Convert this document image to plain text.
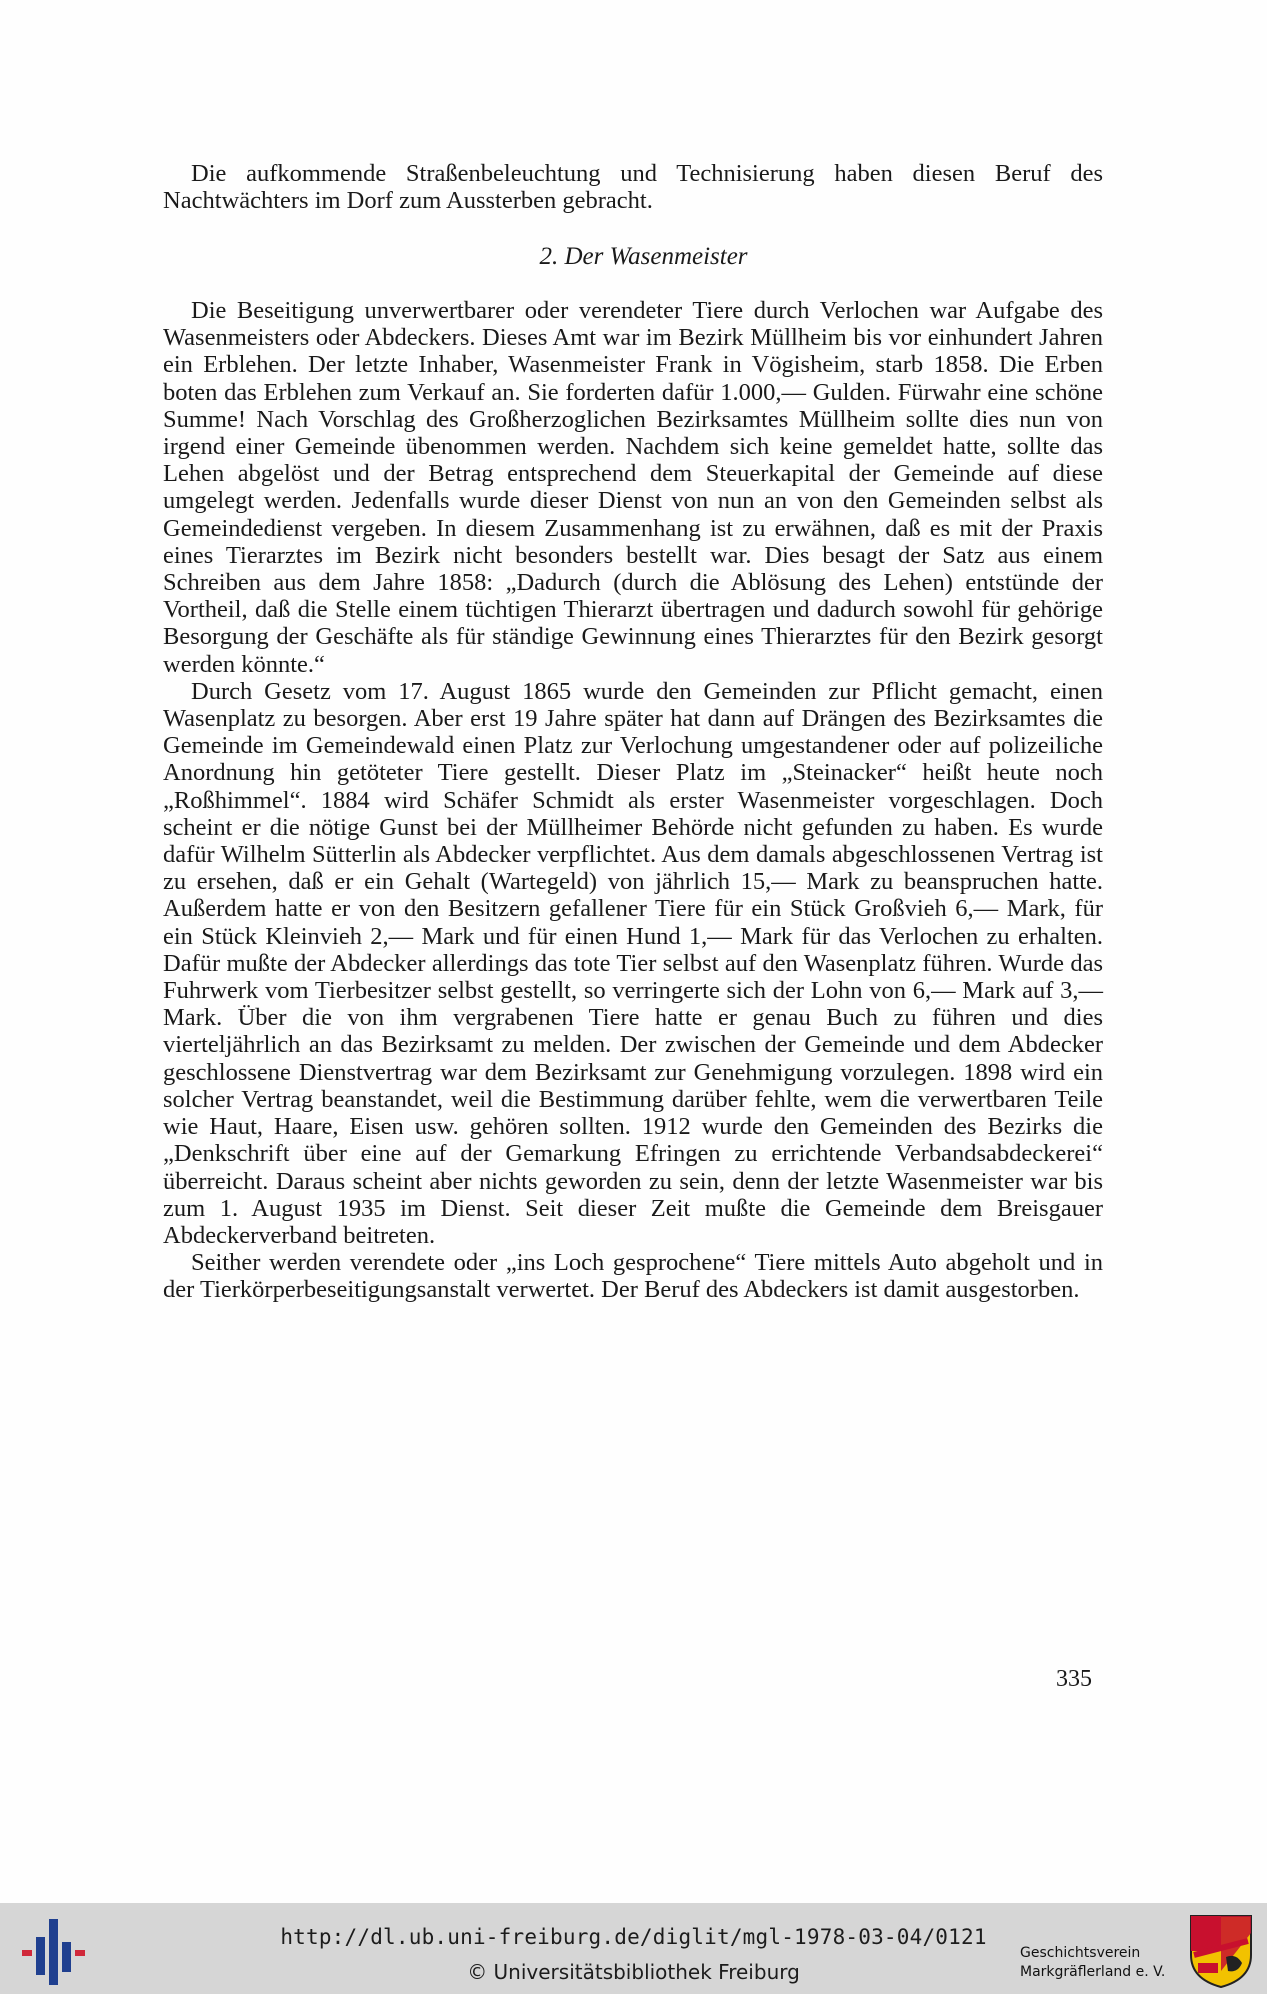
Die aufkommende Straßenbeleuchtung und Technisierung haben diesen Beruf des Nachtwächters im Dorf zum Aussterben gebracht.

2. Der Wasenmeister

Die Beseitigung unverwertbarer oder verendeter Tiere durch Verlochen war Aufgabe des Wasenmeisters oder Abdeckers. Dieses Amt war im Bezirk Müllheim bis vor einhundert Jahren ein Erblehen. Der letzte Inhaber, Wasenmeister Frank in Vögisheim, starb 1858. Die Erben boten das Erblehen zum Verkauf an. Sie forderten dafür 1.000,— Gulden. Fürwahr eine schöne Summe! Nach Vorschlag des Großherzoglichen Bezirksamtes Müllheim sollte dies nun von irgend einer Gemeinde übenommen werden. Nachdem sich keine gemeldet hatte, sollte das Lehen abgelöst und der Betrag entsprechend dem Steuerkapital der Gemeinde auf diese umgelegt werden. Jedenfalls wurde dieser Dienst von nun an von den Gemeinden selbst als Gemeindedienst vergeben. In diesem Zusammenhang ist zu erwähnen, daß es mit der Praxis eines Tierarztes im Bezirk nicht besonders bestellt war. Dies besagt der Satz aus einem Schreiben aus dem Jahre 1858: „Dadurch (durch die Ablösung des Lehen) entstünde der Vortheil, daß die Stelle einem tüchtigen Thierarzt übertragen und dadurch sowohl für gehörige Besorgung der Geschäfte als für ständige Gewinnung eines Thierarztes für den Bezirk gesorgt werden könnte.“

Durch Gesetz vom 17. August 1865 wurde den Gemeinden zur Pflicht gemacht, einen Wasenplatz zu besorgen. Aber erst 19 Jahre später hat dann auf Drängen des Bezirksamtes die Gemeinde im Gemeindewald einen Platz zur Verlochung umgestandener oder auf polizeiliche Anordnung hin getöteter Tiere gestellt. Dieser Platz im „Steinacker“ heißt heute noch „Roßhimmel“. 1884 wird Schäfer Schmidt als erster Wasenmeister vorgeschlagen. Doch scheint er die nötige Gunst bei der Müllheimer Behörde nicht gefunden zu haben. Es wurde dafür Wilhelm Sütterlin als Abdecker verpflichtet. Aus dem damals abgeschlossenen Vertrag ist zu ersehen, daß er ein Gehalt (Wartegeld) von jährlich 15,— Mark zu beanspruchen hatte. Außerdem hatte er von den Besitzern gefallener Tiere für ein Stück Großvieh 6,— Mark, für ein Stück Kleinvieh 2,— Mark und für einen Hund 1,— Mark für das Verlochen zu erhalten. Dafür mußte der Abdecker allerdings das tote Tier selbst auf den Wasenplatz führen. Wurde das Fuhrwerk vom Tierbesitzer selbst gestellt, so verringerte sich der Lohn von 6,— Mark auf 3,— Mark. Über die von ihm vergrabenen Tiere hatte er genau Buch zu führen und dies vierteljährlich an das Bezirksamt zu melden. Der zwischen der Gemeinde und dem Abdecker geschlossene Dienstvertrag war dem Bezirksamt zur Genehmigung vorzulegen. 1898 wird ein solcher Vertrag beanstandet, weil die Bestimmung darüber fehlte, wem die verwertbaren Teile wie Haut, Haare, Eisen usw. gehören sollten. 1912 wurde den Gemeinden des Bezirks die „Denkschrift über eine auf der Gemarkung Efringen zu errichtende Verbandsabdeckerei“ überreicht. Daraus scheint aber nichts geworden zu sein, denn der letzte Wasenmeister war bis zum 1. August 1935 im Dienst. Seit dieser Zeit mußte die Gemeinde dem Breisgauer Abdeckerverband beitreten.

Seither werden verendete oder „ins Loch gesprochene“ Tiere mittels Auto abgeholt und in der Tierkörperbeseitigungsanstalt verwertet. Der Beruf des Abdeckers ist damit ausgestorben.

335
http://dl.ub.uni-freiburg.de/diglit/mgl-1978-03-04/0121
© Universitätsbibliothek Freiburg
Geschichtsverein
Markgräflerland e. V.
